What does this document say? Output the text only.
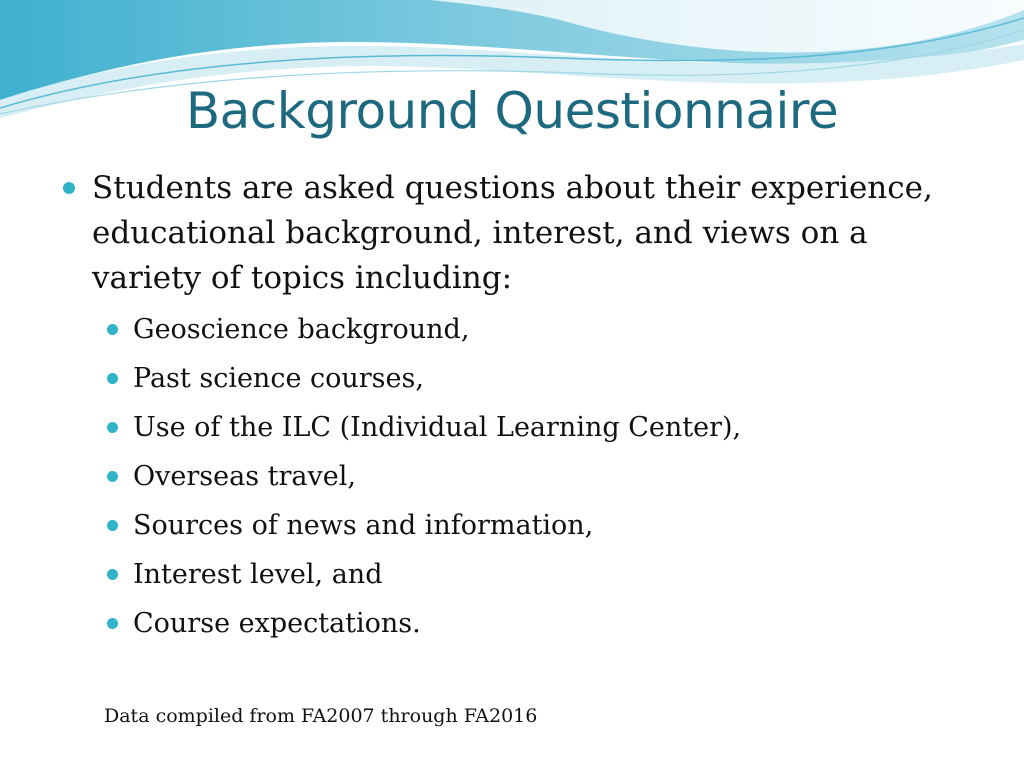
Background Questionnaire
Students are asked questions about their experience, educational background, interest, and views on a variety of topics including:
Geoscience background,
Past science courses,
Use of the ILC (Individual Learning Center),
Overseas travel,
Sources of news and information,
Interest level, and
Course expectations.
Data compiled from FA2007 through FA2016
